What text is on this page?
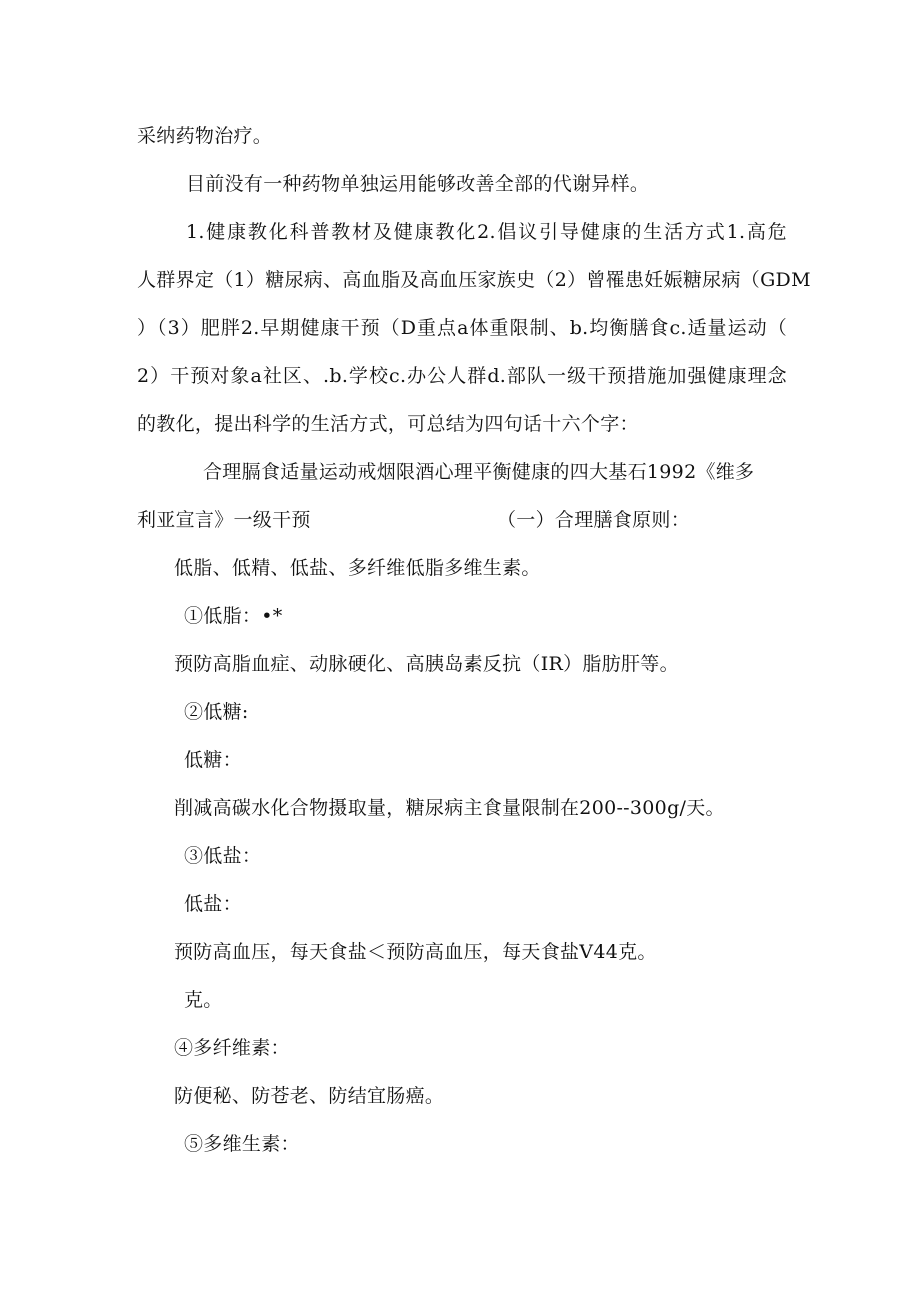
采纳药物治疗。
目前没有一种药物单独运用能够改善全部的代谢异样。
1.健康教化科普教材及健康教化2.倡议引导健康的生活方式1.高危
人群界定（1）糖尿病、高血脂及高血压家族史（2）曾罹患妊娠糖尿病（GDM
）（3）肥胖2.早期健康干预（D重点a体重限制、b.均衡膳食c.适量运动（
2）干预对象a社区、.b.学校c.办公人群d.部队一级干预措施加强健康理念
的教化，提出科学的生活方式，可总结为四句话十六个字：
合理膈食适量运动戒烟限酒心理平衡健康的四大基石1992《维多
利亚宣言》一级干预	（一）合理膳食原则：
低脂、低精、低盐、多纤维低脂多维生素。
①低脂：•*
预防高脂血症、动脉硬化、高胰岛素反抗（IR）脂肪肝等。
②低糖:
低糖：
削减高碳水化合物摄取量，糖尿病主食量限制在200--300g/天。
③低盐：
低盐：
预防高血压，每天食盐＜预防高血压，每天食盐V44克。
克。
④多纤维素：
防便秘、防苍老、防结宜肠癌。
⑤多维生素：
